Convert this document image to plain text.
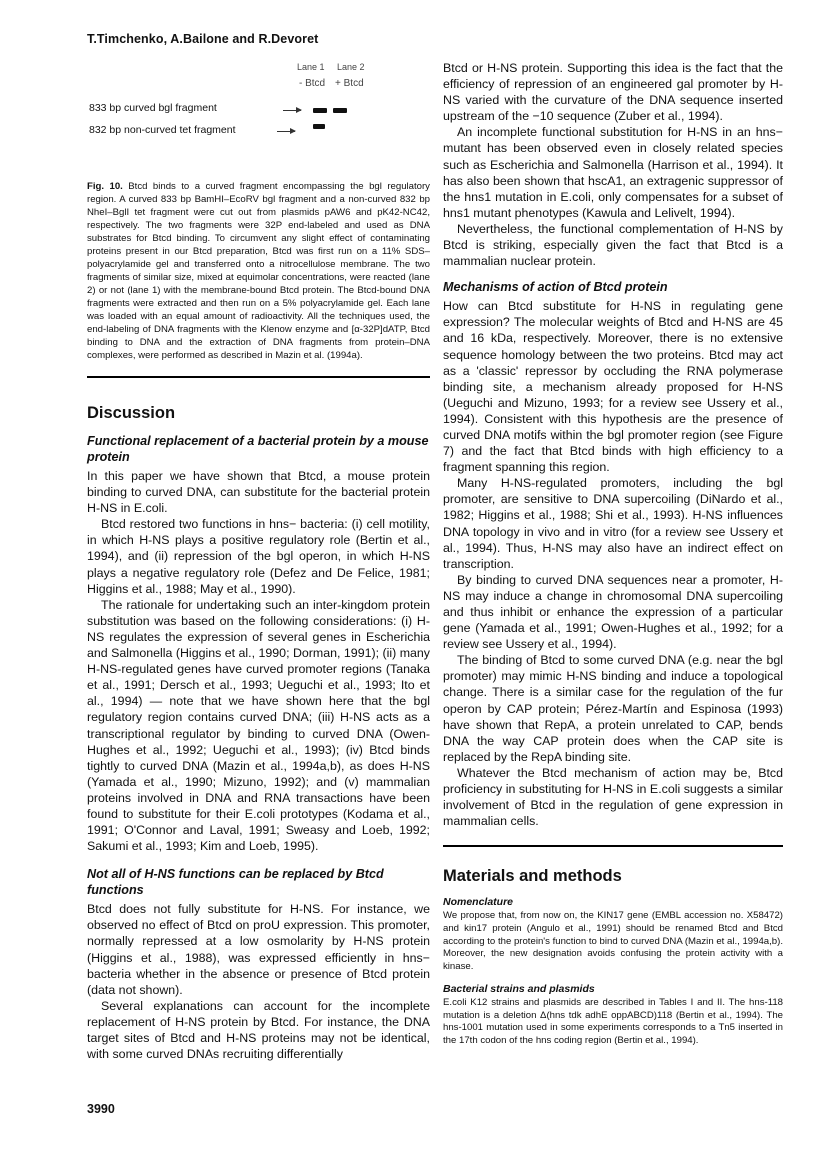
T.Timchenko, A.Bailone and R.Devoret
Lane 1 Lane 2
- Btcd + Btcd
833 bp curved bgl fragment
832 bp non-curved tet fragment
Fig. 10. Btcd binds to a curved fragment encompassing the bgl regulatory region. A curved 833 bp BamHI–EcoRV bgl fragment and a non-curved 832 bp NheI–BglI tet fragment were cut out from plasmids pAW6 and pK42-NC42, respectively. The two fragments were 32P end-labeled and used as DNA substrates for Btcd binding. To circumvent any slight effect of contaminating proteins present in our Btcd preparation, Btcd was first run on a 11% SDS–polyacrylamide gel and transferred onto a nitrocellulose membrane. The two fragments of similar size, mixed at equimolar concentrations, were reacted (lane 2) or not (lane 1) with the membrane-bound Btcd protein. The Btcd-bound DNA fragments were extracted and then run on a 5% polyacrylamide gel. Each lane was loaded with an equal amount of radioactivity. All the techniques used, the end-labeling of DNA fragments with the Klenow enzyme and [α-32P]dATP, Btcd binding to DNA and the extraction of DNA fragments from protein–DNA complexes, were performed as described in Mazin et al. (1994a).
Discussion
Functional replacement of a bacterial protein by a mouse protein

In this paper we have shown that Btcd, a mouse protein binding to curved DNA, can substitute for the bacterial protein H-NS in E.coli.

Btcd restored two functions in hns− bacteria: (i) cell motility, in which H-NS plays a positive regulatory role (Bertin et al., 1994), and (ii) repression of the bgl operon, in which H-NS plays a negative regulatory role (Defez and De Felice, 1981; Higgins et al., 1988; May et al., 1990).

The rationale for undertaking such an inter-kingdom protein substitution was based on the following considerations: (i) H-NS regulates the expression of several genes in Escherichia and Salmonella (Higgins et al., 1990; Dorman, 1991); (ii) many H-NS-regulated genes have curved promoter regions (Tanaka et al., 1991; Dersch et al., 1993; Ueguchi et al., 1993; Ito et al., 1994) — note that we have shown here that the bgl regulatory region contains curved DNA; (iii) H-NS acts as a transcriptional regulator by binding to curved DNA (Owen-Hughes et al., 1992; Ueguchi et al., 1993); (iv) Btcd binds tightly to curved DNA (Mazin et al., 1994a,b), as does H-NS (Yamada et al., 1990; Mizuno, 1992); and (v) mammalian proteins involved in DNA and RNA transactions have been found to substitute for their E.coli prototypes (Kodama et al., 1991; O'Connor and Laval, 1991; Sweasy and Loeb, 1992; Sakumi et al., 1993; Kim and Loeb, 1995).

Not all of H-NS functions can be replaced by Btcd functions

Btcd does not fully substitute for H-NS. For instance, we observed no effect of Btcd on proU expression. This promoter, normally repressed at a low osmolarity by H-NS protein (Higgins et al., 1988), was expressed efficiently in hns− bacteria whether in the absence or presence of Btcd protein (data not shown).

Several explanations can account for the incomplete replacement of H-NS protein by Btcd. For instance, the DNA target sites of Btcd and H-NS proteins may not be identical, with some curved DNAs recruiting differentially

Btcd or H-NS protein. Supporting this idea is the fact that the efficiency of repression of an engineered gal promoter by H-NS varied with the curvature of the DNA sequence inserted upstream of the −10 sequence (Zuber et al., 1994).

An incomplete functional substitution for H-NS in an hns− mutant has been observed even in closely related species such as Escherichia and Salmonella (Harrison et al., 1994). It has also been shown that hscA1, an extragenic suppressor of the hns1 mutation in E.coli, only compensates for a subset of hns1 mutant phenotypes (Kawula and Lelivelt, 1994).

Nevertheless, the functional complementation of H-NS by Btcd is striking, especially given the fact that Btcd is a mammalian nuclear protein.

Mechanisms of action of Btcd protein

How can Btcd substitute for H-NS in regulating gene expression? The molecular weights of Btcd and H-NS are 45 and 16 kDa, respectively. Moreover, there is no extensive sequence homology between the two proteins. Btcd may act as a 'classic' repressor by occluding the RNA polymerase binding site, a mechanism already proposed for H-NS (Ueguchi and Mizuno, 1993; for a review see Ussery et al., 1994). Consistent with this hypothesis are the presence of curved DNA motifs within the bgl promoter region (see Figure 7) and the fact that Btcd binds with high efficiency to a fragment spanning this region.

Many H-NS-regulated promoters, including the bgl promoter, are sensitive to DNA supercoiling (DiNardo et al., 1982; Higgins et al., 1988; Shi et al., 1993). H-NS influences DNA topology in vivo and in vitro (for a review see Ussery et al., 1994). Thus, H-NS may also have an indirect effect on transcription.

By binding to curved DNA sequences near a promoter, H-NS may induce a change in chromosomal DNA supercoiling and thus inhibit or enhance the expression of a particular gene (Yamada et al., 1991; Owen-Hughes et al., 1992; for a review see Ussery et al., 1994).

The binding of Btcd to some curved DNA (e.g. near the bgl promoter) may mimic H-NS binding and induce a topological change. There is a similar case for the regulation of the fur operon by CAP protein; Pérez-Martín and Espinosa (1993) have shown that RepA, a protein unrelated to CAP, bends DNA the way CAP protein does when the CAP site is replaced by the RepA binding site.

Whatever the Btcd mechanism of action may be, Btcd proficiency in substituting for H-NS in E.coli suggests a similar involvement of Btcd in the regulation of gene expression in mammalian cells.

Materials and methods
Nomenclature

We propose that, from now on, the KIN17 gene (EMBL accession no. X58472) and kin17 protein (Angulo et al., 1991) should be renamed Btcd and Btcd according to the protein's function to bind to curved DNA (Mazin et al., 1994a,b). Moreover, the new designation avoids confusing the protein activity with a kinase.

Bacterial strains and plasmids

E.coli K12 strains and plasmids are described in Tables I and II. The hns-118 mutation is a deletion Δ(hns tdk adhE oppABCD)118 (Bertin et al., 1994). The hns-1001 mutation used in some experiments corresponds to a Tn5 inserted in the 17th codon of the hns coding region (Bertin et al., 1994).

3990
